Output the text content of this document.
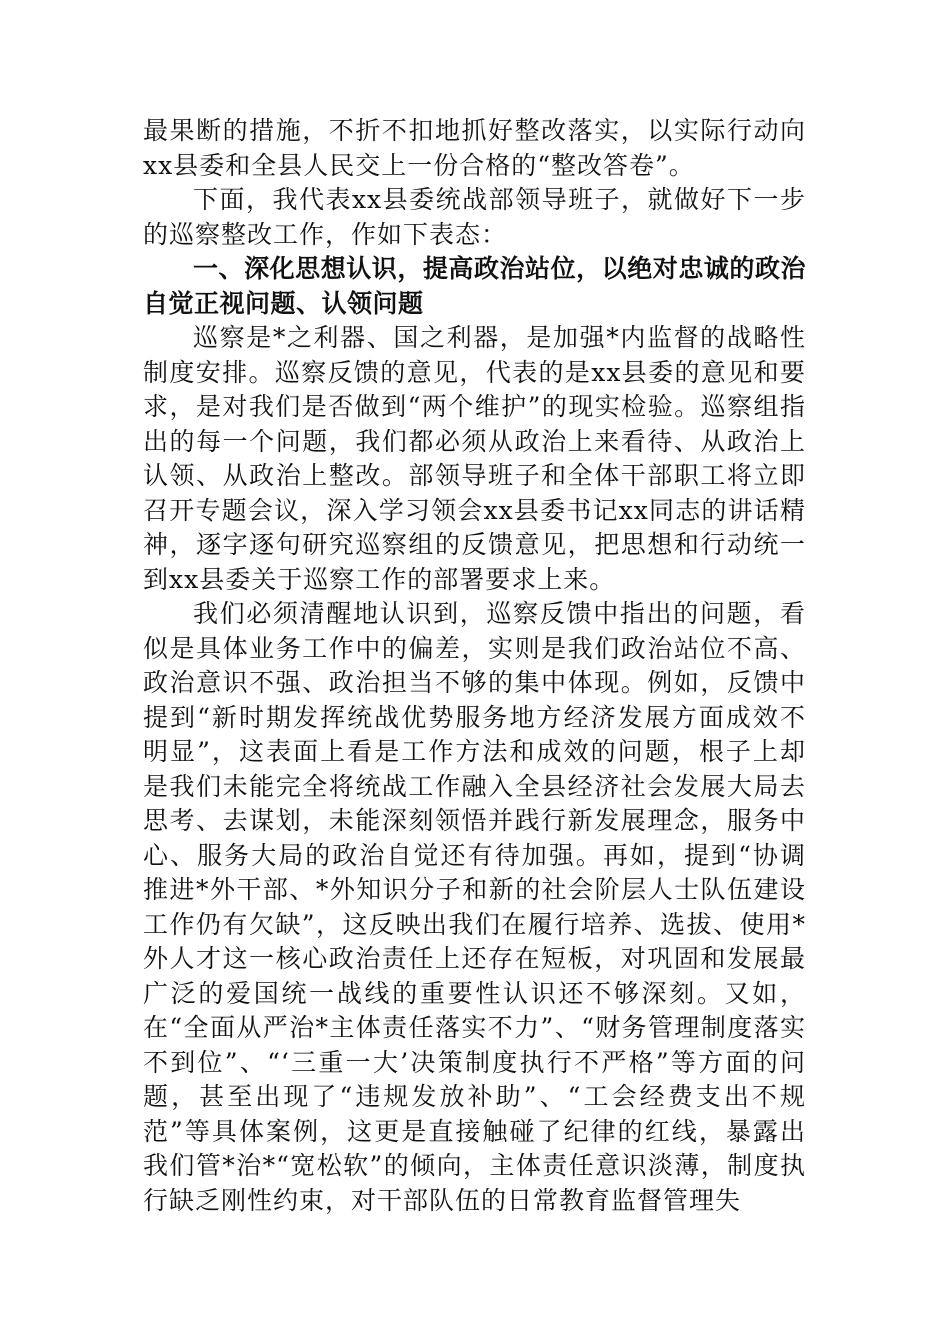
最果断的措施，不折不扣地抓好整改落实，以实际行动向xx县委和全县人民交上一份合格的“整改答卷”。

下面，我代表xx县委统战部领导班子，就做好下一步的巡察整改工作，作如下表态：

一、深化思想认识，提高政治站位，以绝对忠诚的政治自觉正视问题、认领问题

巡察是*之利器、国之利器，是加强*内监督的战略性制度安排。巡察反馈的意见，代表的是xx县委的意见和要求，是对我们是否做到“两个维护”的现实检验。巡察组指出的每一个问题，我们都必须从政治上来看待、从政治上认领、从政治上整改。部领导班子和全体干部职工将立即召开专题会议，深入学习领会xx县委书记xx同志的讲话精神，逐字逐句研究巡察组的反馈意见，把思想和行动统一到xx县委关于巡察工作的部署要求上来。

我们必须清醒地认识到，巡察反馈中指出的问题，看似是具体业务工作中的偏差，实则是我们政治站位不高、政治意识不强、政治担当不够的集中体现。例如，反馈中提到“新时期发挥统战优势服务地方经济发展方面成效不明显”，这表面上看是工作方法和成效的问题，根子上却是我们未能完全将统战工作融入全县经济社会发展大局去思考、去谋划，未能深刻领悟并践行新发展理念，服务中心、服务大局的政治自觉还有待加强。再如，提到“协调推进*外干部、*外知识分子和新的社会阶层人士队伍建设工作仍有欠缺”，这反映出我们在履行培养、选拔、使用*外人才这一核心政治责任上还存在短板，对巩固和发展最广泛的爱国统一战线的重要性认识还不够深刻。又如，在“全面从严治*主体责任落实不力”、“财务管理制度落实不到位”、“‘三重一大’决策制度执行不严格”等方面的问题，甚至出现了“违规发放补助”、“工会经费支出不规范”等具体案例，这更是直接触碰了纪律的红线，暴露出我们管*治*“宽松软”的倾向，主体责任意识淡薄，制度执行缺乏刚性约束，对干部队伍的日常教育监督管理失
